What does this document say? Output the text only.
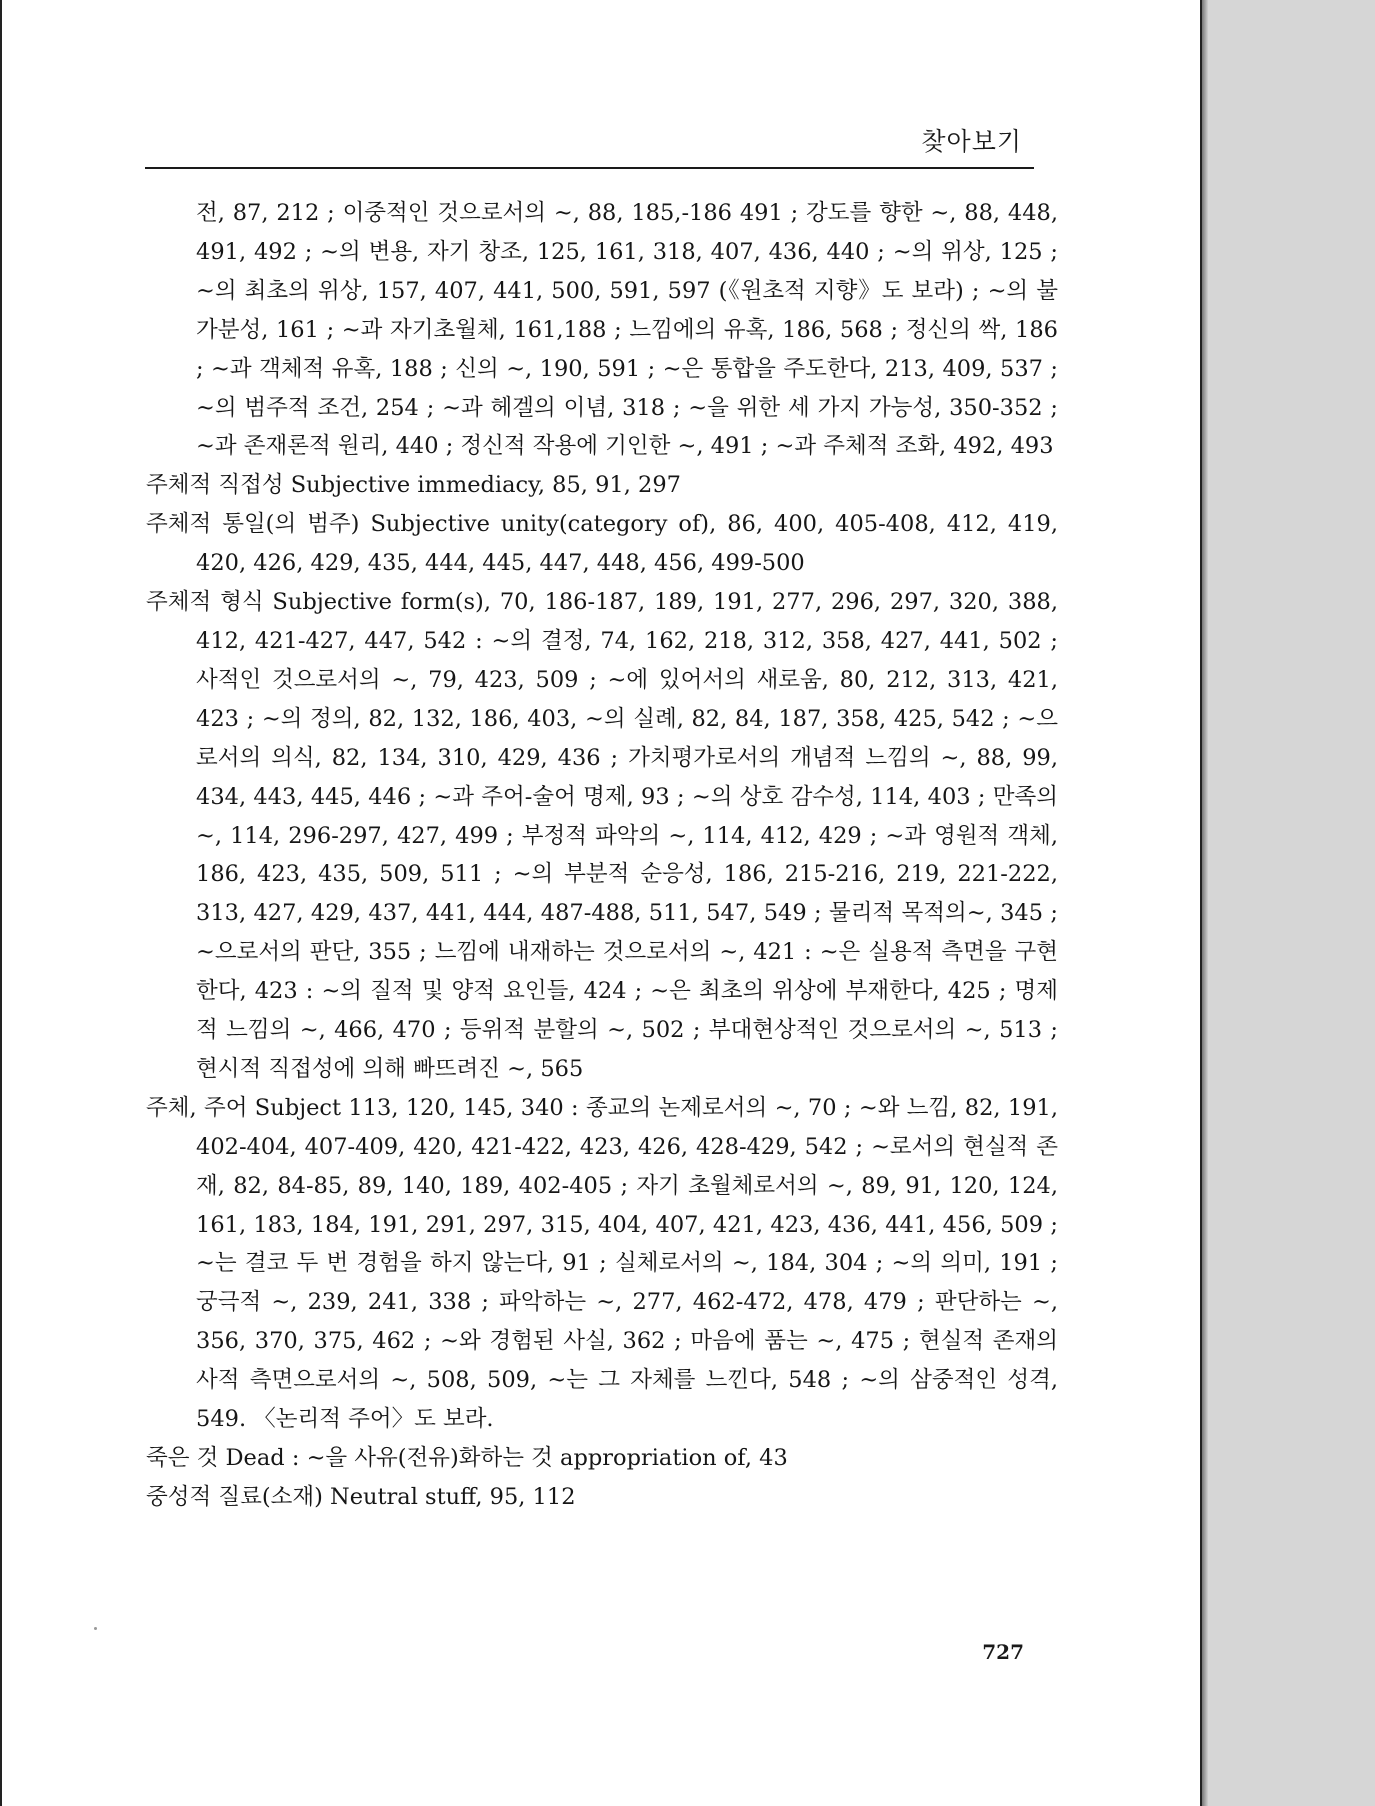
찾아보기

전, 87, 212 ; 이중적인 것으로서의 ~, 88, 185,-186 491 ; 강도를 향한 ~, 88, 448, 491, 492 ; ~의 변용, 자기 창조, 125, 161, 318, 407, 436, 440 ; ~의 위상, 125 ; ~의 최초의 위상, 157, 407, 441, 500, 591, 597 (《원초적 지향》도 보라) ; ~의 불가분성, 161 ; ~과 자기초월체, 161,188 ; 느낌에의 유혹, 186, 568 ; 정신의 싹, 186 ; ~과 객체적 유혹, 188 ; 신의 ~, 190, 591 ; ~은 통합을 주도한다, 213, 409, 537 ; ~의 범주적 조건, 254 ; ~과 헤겔의 이념, 318 ; ~을 위한 세 가지 가능성, 350-352 ; ~과 존재론적 원리, 440 ; 정신적 작용에 기인한 ~, 491 ; ~과 주체적 조화, 492, 493

주체적 직접성 Subjective immediacy, 85, 91, 297

주체적 통일(의 범주) Subjective unity(category of), 86, 400, 405-408, 412, 419, 420, 426, 429, 435, 444, 445, 447, 448, 456, 499-500

주체적 형식 Subjective form(s), 70, 186-187, 189, 191, 277, 296, 297, 320, 388, 412, 421-427, 447, 542 : ~의 결정, 74, 162, 218, 312, 358, 427, 441, 502 ; 사적인 것으로서의 ~, 79, 423, 509 ; ~에 있어서의 새로움, 80, 212, 313, 421, 423 ; ~의 정의, 82, 132, 186, 403, ~의 실례, 82, 84, 187, 358, 425, 542 ; ~으로서의 의식, 82, 134, 310, 429, 436 ; 가치평가로서의 개념적 느낌의 ~, 88, 99, 434, 443, 445, 446 ; ~과 주어-술어 명제, 93 ; ~의 상호 감수성, 114, 403 ; 만족의 ~, 114, 296-297, 427, 499 ; 부정적 파악의 ~, 114, 412, 429 ; ~과 영원적 객체, 186, 423, 435, 509, 511 ; ~의 부분적 순응성, 186, 215-216, 219, 221-222, 313, 427, 429, 437, 441, 444, 487-488, 511, 547, 549 ; 물리적 목적의~, 345 ; ~으로서의 판단, 355 ; 느낌에 내재하는 것으로서의 ~, 421 : ~은 실용적 측면을 구현한다, 423 : ~의 질적 및 양적 요인들, 424 ; ~은 최초의 위상에 부재한다, 425 ; 명제적 느낌의 ~, 466, 470 ; 등위적 분할의 ~, 502 ; 부대현상적인 것으로서의 ~, 513 ; 현시적 직접성에 의해 빠뜨려진 ~, 565

주체, 주어 Subject 113, 120, 145, 340 : 종교의 논제로서의 ~, 70 ; ~와 느낌, 82, 191, 402-404, 407-409, 420, 421-422, 423, 426, 428-429, 542 ; ~로서의 현실적 존재, 82, 84-85, 89, 140, 189, 402-405 ; 자기 초월체로서의 ~, 89, 91, 120, 124, 161, 183, 184, 191, 291, 297, 315, 404, 407, 421, 423, 436, 441, 456, 509 ; ~는 결코 두 번 경험을 하지 않는다, 91 ; 실체로서의 ~, 184, 304 ; ~의 의미, 191 ; 궁극적 ~, 239, 241, 338 ; 파악하는 ~, 277, 462-472, 478, 479 ; 판단하는 ~, 356, 370, 375, 462 ; ~와 경험된 사실, 362 ; 마음에 품는 ~, 475 ; 현실적 존재의 사적 측면으로서의 ~, 508, 509, ~는 그 자체를 느낀다, 548 ; ~의 삼중적인 성격, 549. 〈논리적 주어〉도 보라.

죽은 것 Dead : ~을 사유(전유)화하는 것 appropriation of, 43

중성적 질료(소재) Neutral stuff, 95, 112

727
